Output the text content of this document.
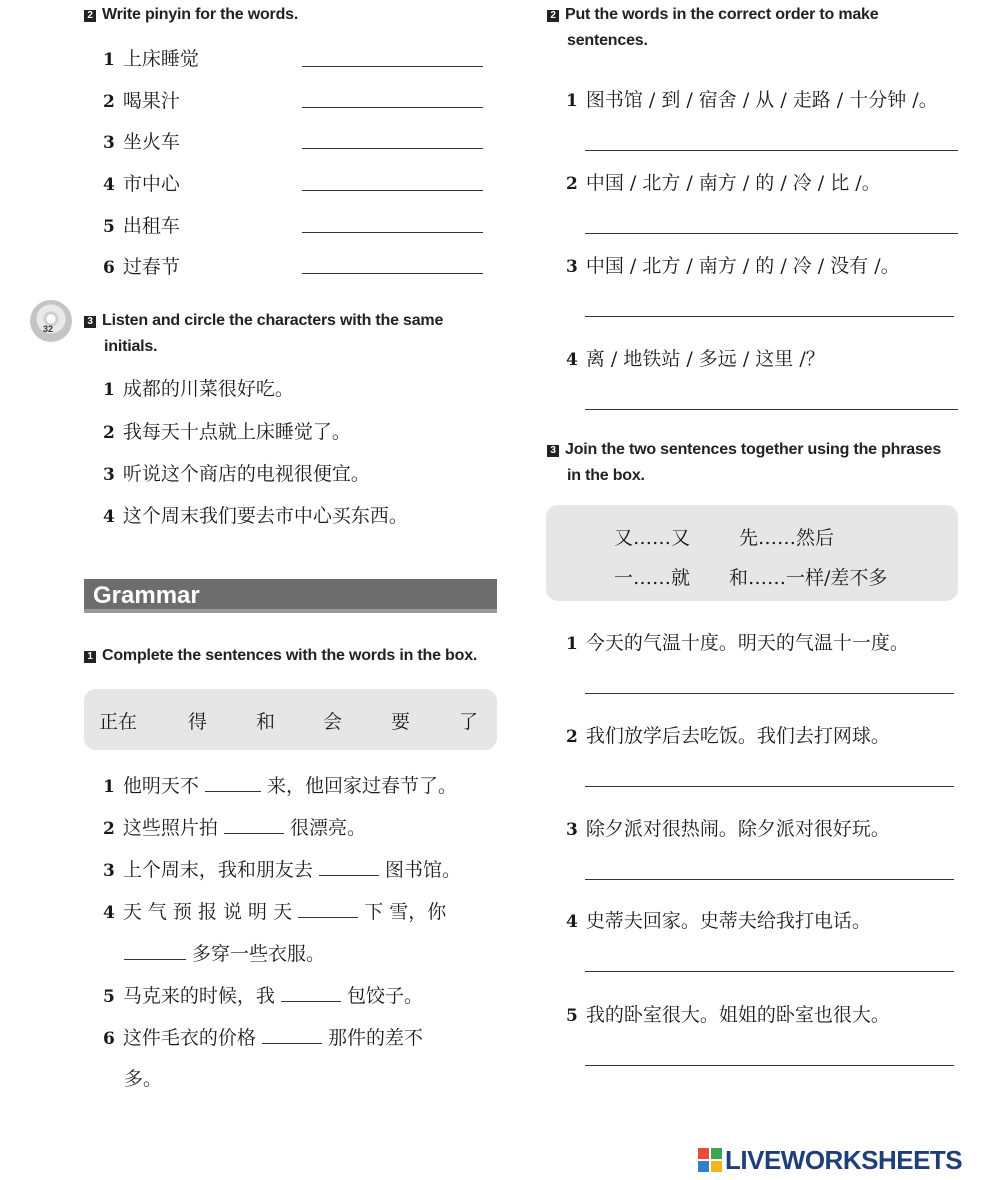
2 Write pinyin for the words.
1 上床睡觉
2 喝果汁
3 坐火车
4 市中心
5 出租车
6 过春节
32
3 Listen and circle the characters with the same
initials.
1 成都的川菜很好吃。
2 我每天十点就上床睡觉了。
3 听说这个商店的电视很便宜。
4 这个周末我们要去市中心买东西。
Grammar
1 Complete the sentences with the words in the box.
正在	得	和	会	要	了
1 他明天不	来，他回家过春节了。
2 这些照片拍	很漂亮。
3 上个周末，我和朋友去	图书馆。
4 天 气 预 报 说 明 天	下 雪，你
多穿一些衣服。
5 马克来的时候，我	包饺子。
6 这件毛衣的价格	那件的差不
多。
2 Put the words in the correct order to make
sentences.
1 图书馆 / 到 / 宿舍 / 从 / 走路 / 十分钟 /。
2 中国 / 北方 / 南方 / 的 / 冷 / 比 /。
3 中国 / 北方 / 南方 / 的 / 冷 / 没有 /。
4 离 / 地铁站 / 多远 / 这里 /？
3 Join the two sentences together using the phrases
in the box.
又……又	先……然后
一……就 和……一样/差不多
1 今天的气温十度。明天的气温十一度。
2 我们放学后去吃饭。我们去打网球。
3 除夕派对很热闹。除夕派对很好玩。
4 史蒂夫回家。史蒂夫给我打电话。
5 我的卧室很大。姐姐的卧室也很大。
LIVEWORKSHEETS
